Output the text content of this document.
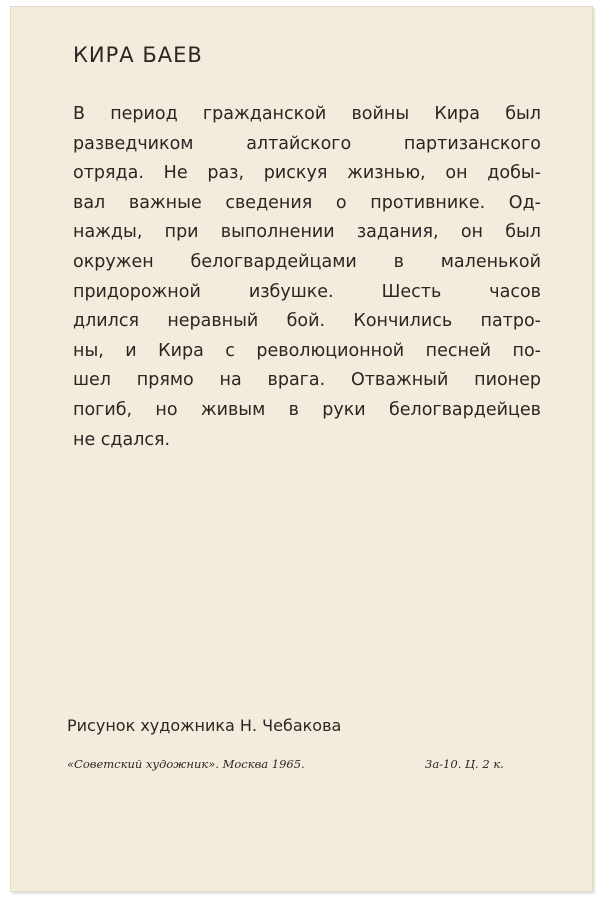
КИРА БАЕВ
В период гражданской войны Кира был
разведчиком алтайского партизанского
отряда. Не раз, рискуя жизнью, он добы-
вал важные сведения о противнике. Од-
нажды, при выполнении задания, он был
окружен белогвардейцами в маленькой
придорожной избушке. Шесть часов
длился неравный бой. Кончились патро-
ны, и Кира с революционной песней по-
шел прямо на врага. Отважный пионер
погиб, но живым в руки белогвардейцев
не сдался.
Рисунок художника Н. Чебакова
«Советский художник». Москва 1965.	3а-10. Ц. 2 к.
